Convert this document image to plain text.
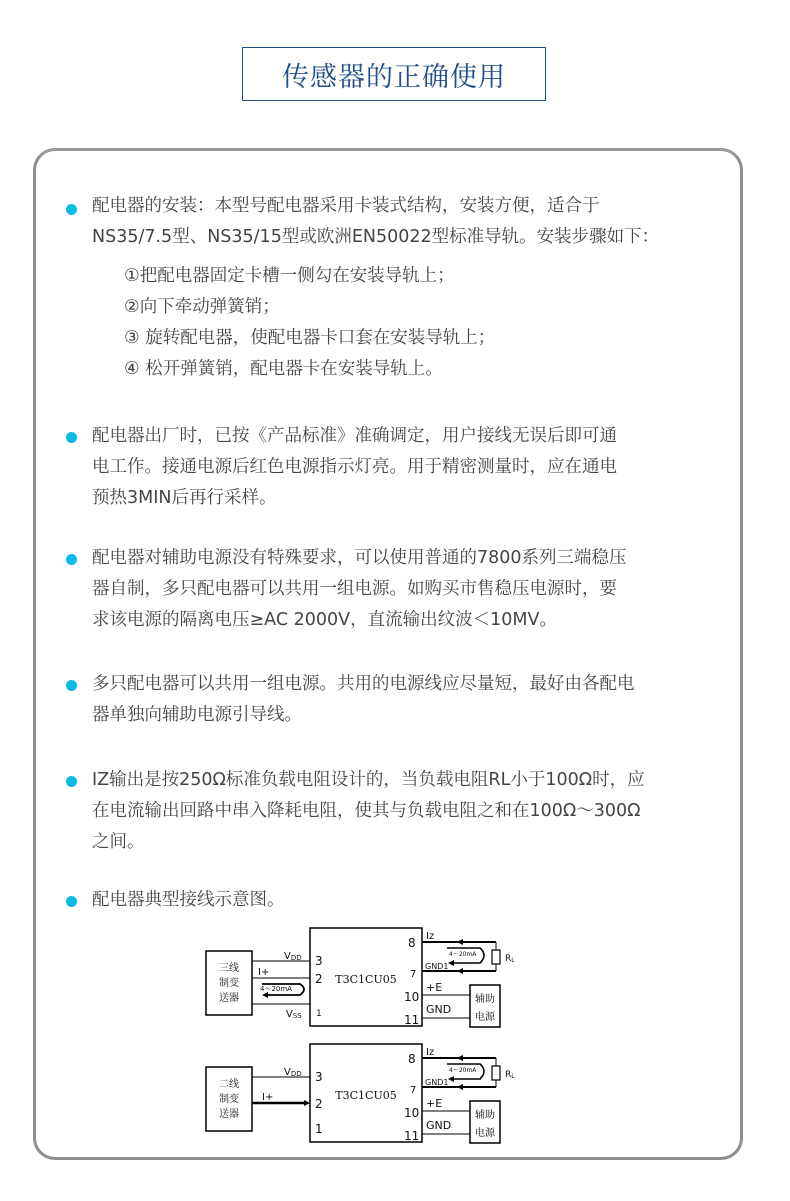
传感器的正确使用

配电器的安装：本型号配电器采用卡装式结构，安装方便，适合于

NS35/7.5型、NS35/15型或欧洲EN50022型标准导轨。安装步骤如下：

①把配电器固定卡槽一侧勾在安装导轨上；

②向下牵动弹簧销；

③ 旋转配电器，使配电器卡口套在安装导轨上；

④ 松开弹簧销，配电器卡在安装导轨上。

配电器出厂时，已按《产品标准》准确调定，用户接线无误后即可通

电工作。接通电源后红色电源指示灯亮。用于精密测量时，应在通电

预热3MIN后再行采样。

配电器对辅助电源没有特殊要求，可以使用普通的7800系列三端稳压

器自制，多只配电器可以共用一组电源。如购买市售稳压电源时，要

求该电源的隔离电压≥AC 2000V，直流输出纹波＜10MV。

多只配电器可以共用一组电源。共用的电源线应尽量短，最好由各配电

器单独向辅助电源引导线。

IZ输出是按250Ω标准负载电阻设计的，当负载电阻RL小于100Ω时，应

在电流输出回路中串入降耗电阻，使其与负载电阻之和在100Ω～300Ω

之间。

配电器典型接线示意图。

三线
制变
送器
VDD
I+
VSS
4～20mA
T3C1CU05
3
2
1
8
7
10
11
RL
4～20mA
Iz
GND1
+E
GND
辅助
电源
二线
制变
送器
VDD
I+	T3C1CU05
3
2
1
8
7
10
11
RL
4～20mA
Iz
GND1
+E
GND
辅助
电源
